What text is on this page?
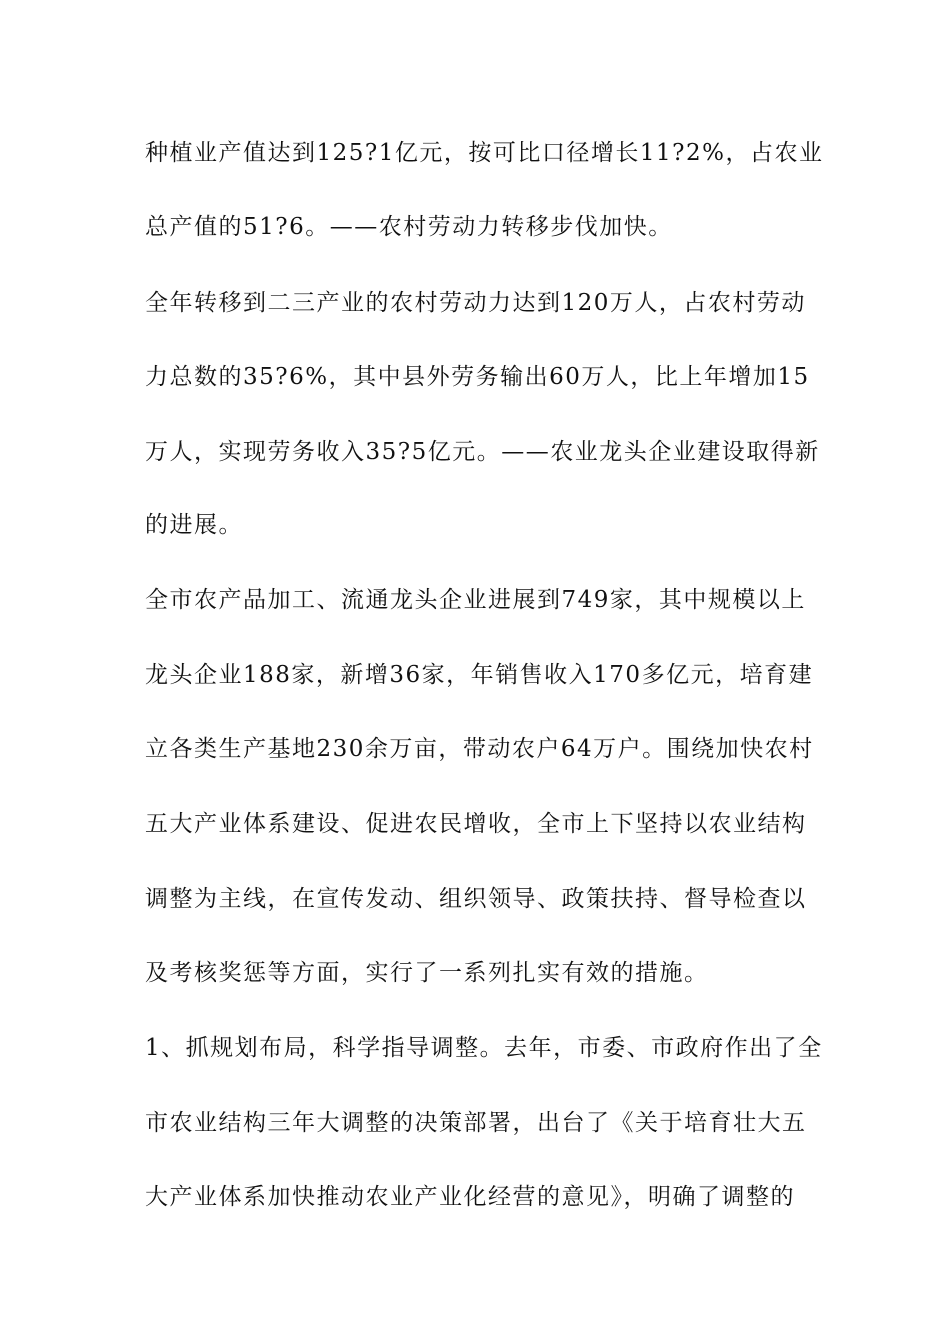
种植业产值达到125?1亿元，按可比口径增长11?2%，占农业

总产值的51?6。——农村劳动力转移步伐加快。

全年转移到二三产业的农村劳动力达到120万人，占农村劳动

力总数的35?6%，其中县外劳务输出60万人，比上年增加15

万人，实现劳务收入35?5亿元。——农业龙头企业建设取得新

的进展。

全市农产品加工、流通龙头企业进展到749家，其中规模以上

龙头企业188家，新增36家，年销售收入170多亿元，培育建

立各类生产基地230余万亩，带动农户64万户。围绕加快农村

五大产业体系建设、促进农民增收，全市上下坚持以农业结构

调整为主线，在宣传发动、组织领导、政策扶持、督导检查以

及考核奖惩等方面，实行了一系列扎实有效的措施。

1、抓规划布局，科学指导调整。去年，市委、市政府作出了全

市农业结构三年大调整的决策部署，出台了《关于培育壮大五

大产业体系加快推动农业产业化经营的意见》，明确了调整的
